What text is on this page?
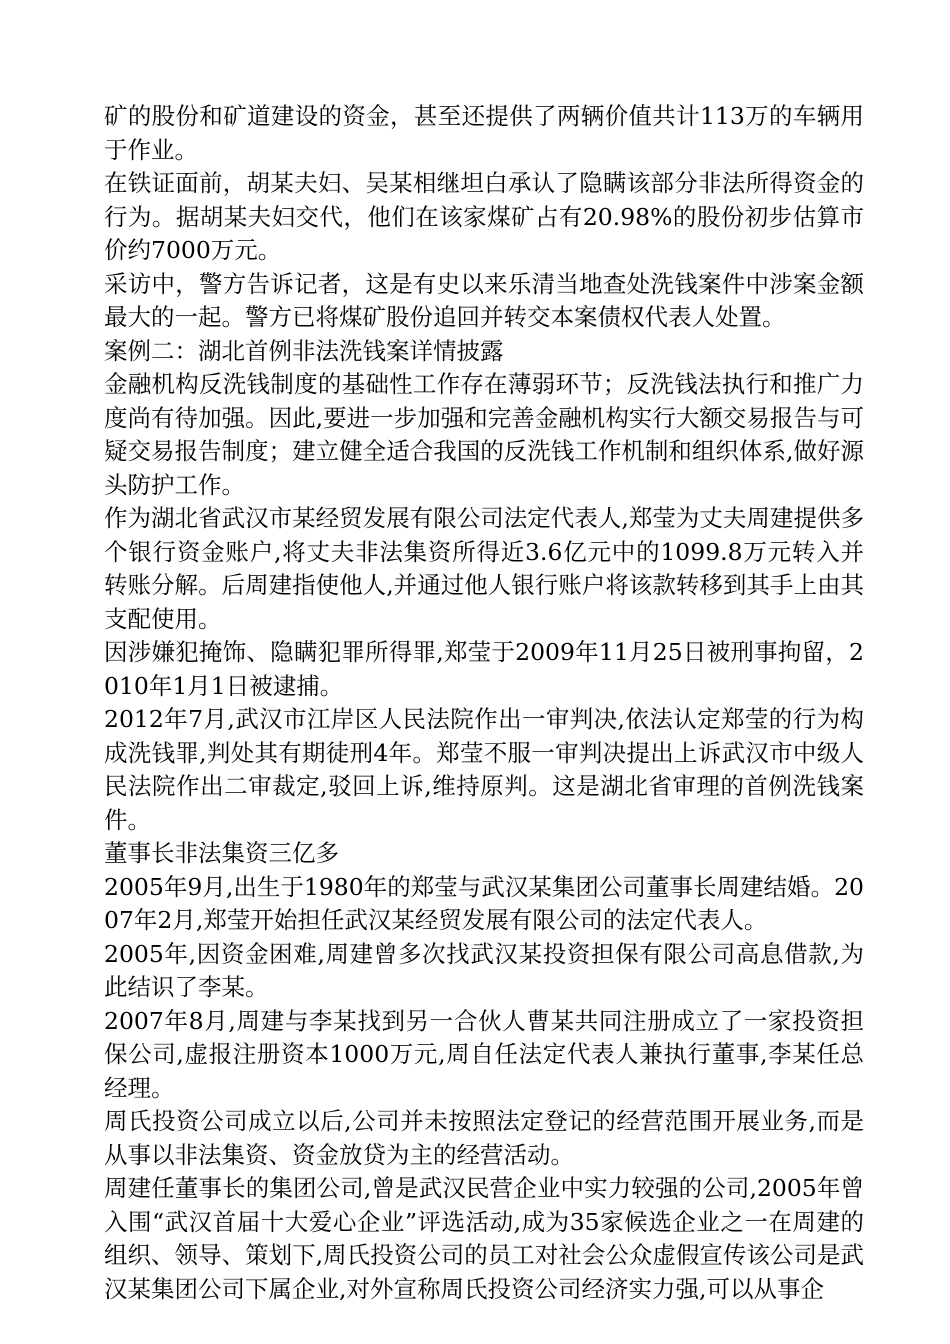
矿的股份和矿道建设的资金，甚至还提供了两辆价值共计113万的车辆用于作业。

在铁证面前，胡某夫妇、吴某相继坦白承认了隐瞒该部分非法所得资金的行为。据胡某夫妇交代，他们在该家煤矿占有20.98%的股份初步估算市价约7000万元。

采访中，警方告诉记者，这是有史以来乐清当地查处洗钱案件中涉案金额最大的一起。警方已将煤矿股份追回并转交本案债权代表人处置。

案例二：湖北首例非法洗钱案详情披露

金融机构反洗钱制度的基础性工作存在薄弱环节；反洗钱法执行和推广力度尚有待加强。因此,要进一步加强和完善金融机构实行大额交易报告与可疑交易报告制度；建立健全适合我国的反洗钱工作机制和组织体系,做好源头防护工作。

作为湖北省武汉市某经贸发展有限公司法定代表人,郑莹为丈夫周建提供多个银行资金账户,将丈夫非法集资所得近3.6亿元中的1099.8万元转入并转账分解。后周建指使他人,并通过他人银行账户将该款转移到其手上由其支配使用。

因涉嫌犯掩饰、隐瞒犯罪所得罪,郑莹于2009年11月25日被刑事拘留，2010年1月1日被逮捕。

2012年7月,武汉市江岸区人民法院作出一审判决,依法认定郑莹的行为构成洗钱罪,判处其有期徒刑4年。郑莹不服一审判决提出上诉武汉市中级人民法院作出二审裁定,驳回上诉,维持原判。这是湖北省审理的首例洗钱案件。

董事长非法集资三亿多

2005年9月,出生于1980年的郑莹与武汉某集团公司董事长周建结婚。2007年2月,郑莹开始担任武汉某经贸发展有限公司的法定代表人。

2005年,因资金困难,周建曾多次找武汉某投资担保有限公司高息借款,为此结识了李某。

2007年8月,周建与李某找到另一合伙人曹某共同注册成立了一家投资担保公司,虚报注册资本1000万元,周自任法定代表人兼执行董事,李某任总经理。

周氏投资公司成立以后,公司并未按照法定登记的经营范围开展业务,而是从事以非法集资、资金放贷为主的经营活动。

周建任董事长的集团公司,曾是武汉民营企业中实力较强的公司,2005年曾入围“武汉首届十大爱心企业”评选活动,成为35家候选企业之一在周建的组织、领导、策划下,周氏投资公司的员工对社会公众虚假宣传该公司是武汉某集团公司下属企业,对外宣称周氏投资公司经济实力强,可以从事企
